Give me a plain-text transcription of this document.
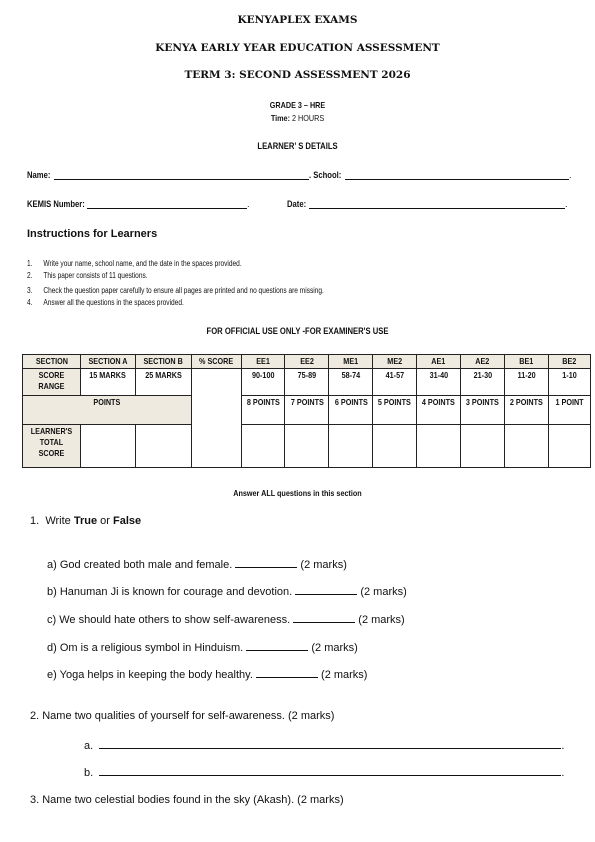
KENYAPLEX EXAMS
KENYA EARLY YEAR EDUCATION ASSESSMENT
TERM 3: SECOND ASSESSMENT 2026
GRADE 3 – HRE
Time: 2 HOURS
LEARNER’ S DETAILS
Name:	. School:	.
KEMIS Number:	.	Date:	.
Instructions for Learners
1. Write your name, school name, and the date in the spaces provided.
2. This paper consists of 11 questions.
3. Check the question paper carefully to ensure all pages are printed and no questions are missing.
4. Answer all the questions in the spaces provided.
FOR OFFICIAL USE ONLY -FOR EXAMINER'S USE
SECTION	SECTION A	SECTION B	% SCORE	EE1	EE2	ME1	ME2	AE1	AE2	BE1	BE2
SCORE RANGE	15 MARKS	25 MARKS		90-100	75-89	58-74	41-57	31-40	21-30	11-20	1-10
POINTS				8 POINTS	7 POINTS	6 POINTS	5 POINTS	4 POINTS	3 POINTS	2 POINTS	1 POINT
LEARNER'S TOTAL SCORE											
Answer ALL questions in this section
1. Write True or False
a) God created both male and female.	(2 marks)
b) Hanuman Ji is known for courage and devotion.	(2 marks)
c) We should hate others to show self-awareness.	(2 marks)
d) Om is a religious symbol in Hinduism.	(2 marks)
e) Yoga helps in keeping the body healthy.	(2 marks)
2. Name two qualities of yourself for self-awareness. (2 marks)
a.	.
b.	.
3. Name two celestial bodies found in the sky (Akash). (2 marks)
